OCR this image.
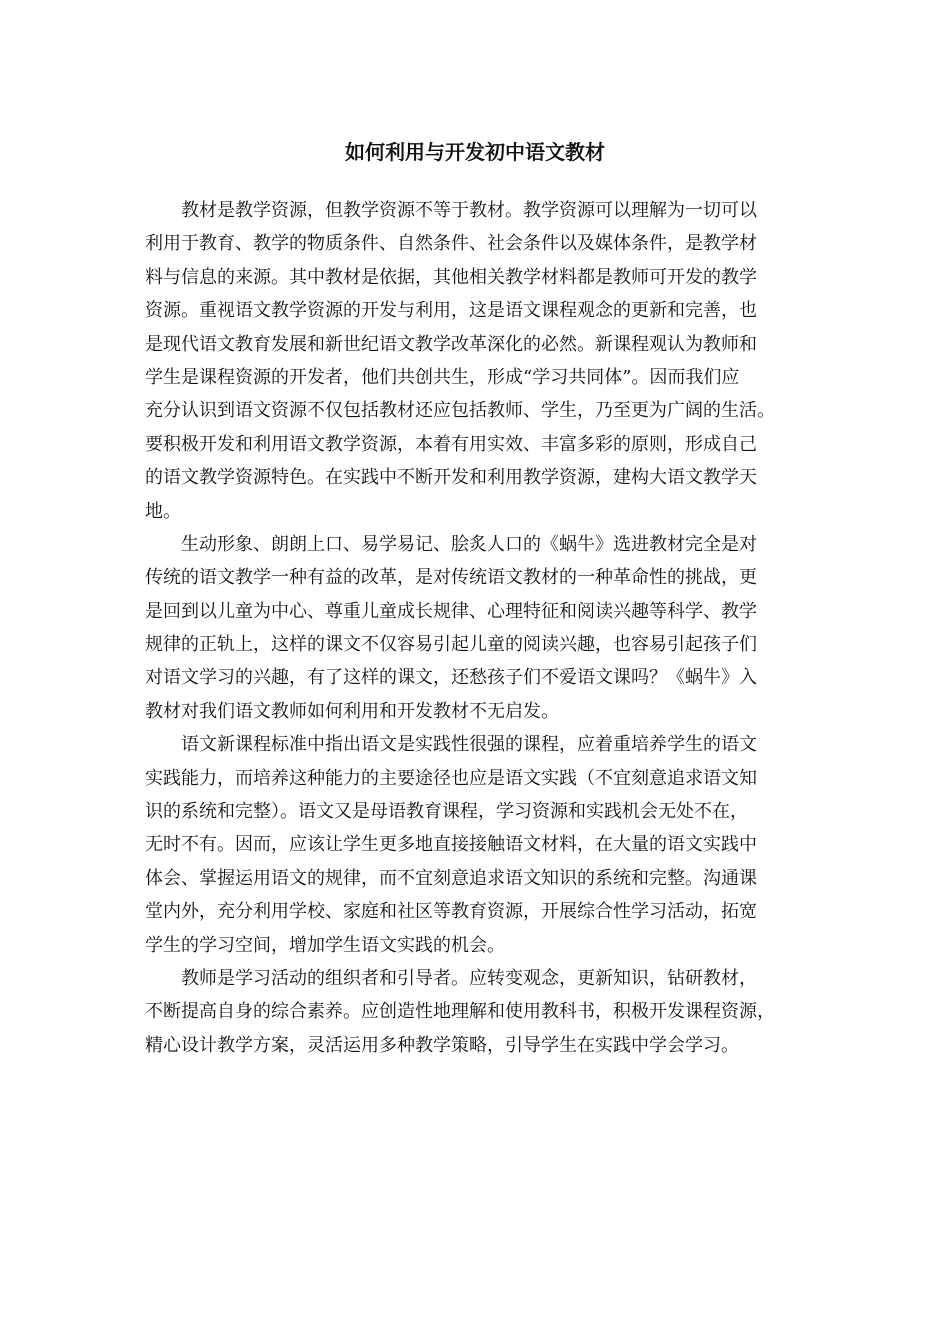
如何利用与开发初中语文教材
教材是教学资源，但教学资源不等于教材。教学资源可以理解为一切可以
利用于教育、教学的物质条件、自然条件、社会条件以及媒体条件，是教学材
料与信息的来源。其中教材是依据，其他相关教学材料都是教师可开发的教学
资源。重视语文教学资源的开发与利用，这是语文课程观念的更新和完善，也
是现代语文教育发展和新世纪语文教学改革深化的必然。新课程观认为教师和
学生是课程资源的开发者，他们共创共生，形成“学习共同体”。因而我们应
充分认识到语文资源不仅包括教材还应包括教师、学生，乃至更为广阔的生活。
要积极开发和利用语文教学资源，本着有用实效、丰富多彩的原则，形成自己
的语文教学资源特色。在实践中不断开发和利用教学资源，建构大语文教学天
地。
生动形象、朗朗上口、易学易记、脍炙人口的《蜗牛》选进教材完全是对
传统的语文教学一种有益的改革，是对传统语文教材的一种革命性的挑战，更
是回到以儿童为中心、尊重儿童成长规律、心理特征和阅读兴趣等科学、教学
规律的正轨上，这样的课文不仅容易引起儿童的阅读兴趣，也容易引起孩子们
对语文学习的兴趣，有了这样的课文，还愁孩子们不爱语文课吗？《蜗牛》入
教材对我们语文教师如何利用和开发教材不无启发。
语文新课程标准中指出语文是实践性很强的课程，应着重培养学生的语文
实践能力，而培养这种能力的主要途径也应是语文实践（不宜刻意追求语文知
识的系统和完整）。语文又是母语教育课程，学习资源和实践机会无处不在，
无时不有。因而，应该让学生更多地直接接触语文材料，在大量的语文实践中
体会、掌握运用语文的规律，而不宜刻意追求语文知识的系统和完整。沟通课
堂内外，充分利用学校、家庭和社区等教育资源，开展综合性学习活动，拓宽
学生的学习空间，增加学生语文实践的机会。
教师是学习活动的组织者和引导者。应转变观念，更新知识，钻研教材，
不断提高自身的综合素养。应创造性地理解和使用教科书，积极开发课程资源，
精心设计教学方案，灵活运用多种教学策略，引导学生在实践中学会学习。
